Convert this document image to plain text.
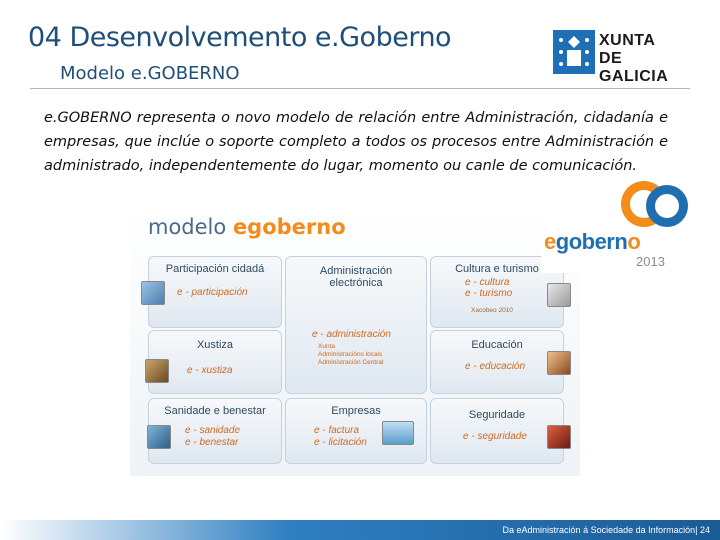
04 Desenvolvemento e.Goberno
Modelo e.GOBERNO
XUNTA
DE GALICIA
e.GOBERNO representa o novo modelo de relación entre Administración, cidadanía e empresas, que inclúe o soporte completo a todos os procesos entre Administración e administrado, independentemente do lugar, momento ou canle de comunicación.
modelo egoberno
Participación cidadá
e - participación
Xustiza
e - xustiza
Sanidade e benestar
e - sanidade
e - benestar
Administración
electrónica
e - administración
Xunta
Administracións locais
Administración Central
Empresas
e - factura
e - licitación
Cultura e turismo
e - cultura
e - turismo
Xacobeo 2010
Educación
e - educación
Seguridade
e - seguridade
egoberno
2013
Da eAdministración á Sociedade da Información| 24
